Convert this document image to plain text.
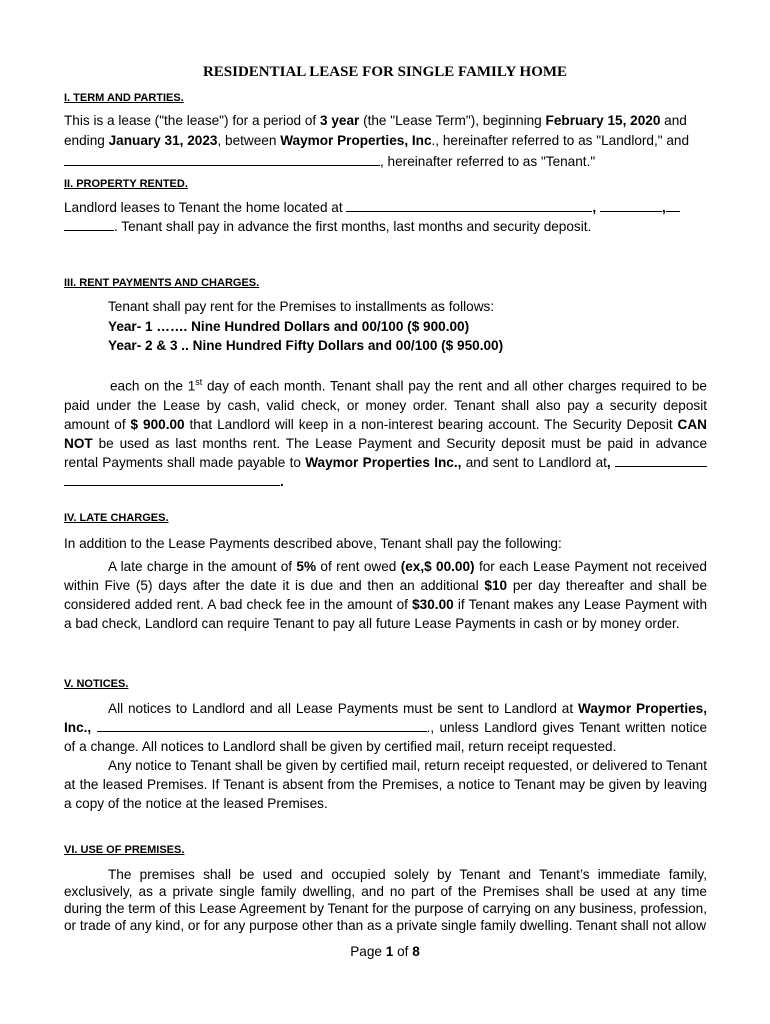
RESIDENTIAL LEASE FOR SINGLE FAMILY HOME
I. TERM AND PARTIES.
This is a lease ("the lease") for a period of 3 year (the "Lease Term"), beginning February 15, 2020 and
ending January 31, 2023, between Waymor Properties, Inc., hereinafter referred to as "Landlord," and
, hereinafter referred to as "Tenant."
II. PROPERTY RENTED.
Landlord leases to Tenant the home located at	,	,
. Tenant shall pay in advance the first months, last months and security deposit.
III. RENT PAYMENTS AND CHARGES.
Tenant shall pay rent for the Premises to installments as follows:
Year- 1 ……. Nine Hundred Dollars and 00/100 ($ 900.00)
Year- 2 & 3 .. Nine Hundred Fifty Dollars and 00/100 ($ 950.00)
each on the 1st day of each month. Tenant shall pay the rent and all other charges required to be paid under the Lease by cash, valid check, or money order. Tenant shall also pay a security deposit amount of $ 900.00 that Landlord will keep in a non-interest bearing account. The Security Deposit CAN NOT be used as last months rent. The Lease Payment and Security deposit must be paid in advance rental Payments shall made payable to Waymor Properties Inc., and sent to Landlord at,  .
IV. LATE CHARGES.
In addition to the Lease Payments described above, Tenant shall pay the following:
A late charge in the amount of 5% of rent owed (ex,$ 00.00) for each Lease Payment not received within Five (5) days after the date it is due and then an additional $10 per day thereafter and shall be considered added rent. A bad check fee in the amount of $30.00 if Tenant makes any Lease Payment with a bad check, Landlord can require Tenant to pay all future Lease Payments in cash or by money order.
V. NOTICES.
All notices to Landlord and all Lease Payments must be sent to Landlord at Waymor Properties, Inc.,	., unless Landlord gives Tenant written notice of a change. All notices to Landlord shall be given by certified mail, return receipt requested.
Any notice to Tenant shall be given by certified mail, return receipt requested, or delivered to Tenant at the leased Premises. If Tenant is absent from the Premises, a notice to Tenant may be given by leaving a copy of the notice at the leased Premises.
VI. USE OF PREMISES.
The premises shall be used and occupied solely by Tenant and Tenant’s immediate family, exclusively, as a private single family dwelling, and no part of the Premises shall be used at any time during the term of this Lease Agreement by Tenant for the purpose of carrying on any business, profession, or trade of any kind, or for any purpose other than as a private single family dwelling. Tenant shall not allow
Page 1 of 8
